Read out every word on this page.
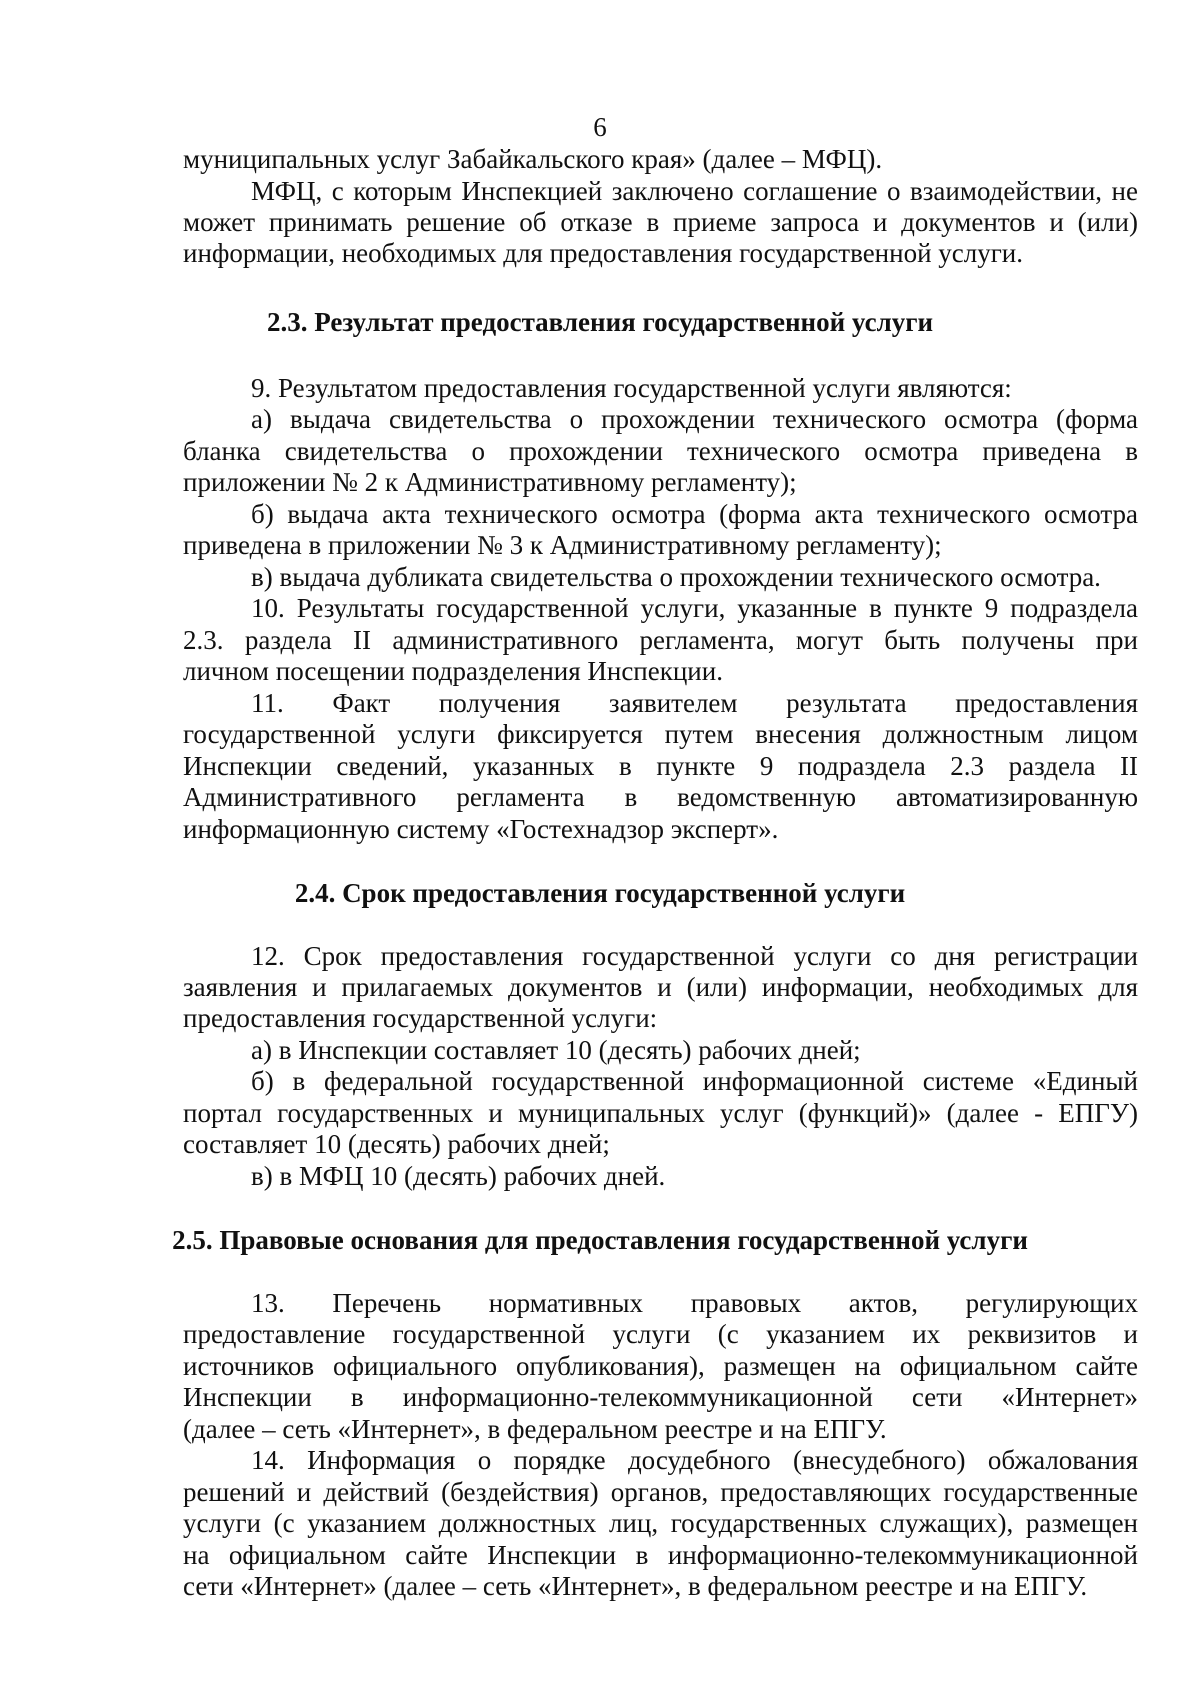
6
муниципальных услуг Забайкальского края» (далее – МФЦ).
МФЦ, с которым Инспекцией заключено соглашение о взаимодействии, не
может принимать решение об отказе в приеме запроса и документов и (или)
информации, необходимых для предоставления государственной услуги.
2.3. Результат предоставления государственной услуги
9. Результатом предоставления государственной услуги являются:
а) выдача свидетельства о прохождении технического осмотра (форма
бланка свидетельства о прохождении технического осмотра приведена в
приложении № 2 к Административному регламенту);
б) выдача акта технического осмотра (форма акта технического осмотра
приведена в приложении № 3 к Административному регламенту);
в) выдача дубликата свидетельства о прохождении технического осмотра.
10. Результаты государственной услуги, указанные в пункте 9 подраздела
2.3. раздела II административного регламента, могут быть получены при
личном посещении подразделения Инспекции.
11. Факт получения заявителем результата предоставления
государственной услуги фиксируется путем внесения должностным лицом
Инспекции сведений, указанных в пункте 9 подраздела 2.3 раздела II
Административного регламента в ведомственную автоматизированную
информационную систему «Гостехнадзор эксперт».
2.4. Срок предоставления государственной услуги
12. Срок предоставления государственной услуги со дня регистрации
заявления и прилагаемых документов и (или) информации, необходимых для
предоставления государственной услуги:
а) в Инспекции составляет 10 (десять) рабочих дней;
б) в федеральной государственной информационной системе «Единый
портал государственных и муниципальных услуг (функций)» (далее - ЕПГУ)
составляет 10 (десять) рабочих дней;
в) в МФЦ 10 (десять) рабочих дней.
2.5. Правовые основания для предоставления государственной услуги
13. Перечень нормативных правовых актов, регулирующих
предоставление государственной услуги (с указанием их реквизитов и
источников официального опубликования), размещен на официальном сайте
Инспекции в информационно-телекоммуникационной сети «Интернет»
(далее – сеть «Интернет», в федеральном реестре и на ЕПГУ.
14. Информация о порядке досудебного (внесудебного) обжалования
решений и действий (бездействия) органов, предоставляющих государственные
услуги (с указанием должностных лиц, государственных служащих), размещен
на официальном сайте Инспекции в информационно-телекоммуникационной
сети «Интернет» (далее – сеть «Интернет», в федеральном реестре и на ЕПГУ.
